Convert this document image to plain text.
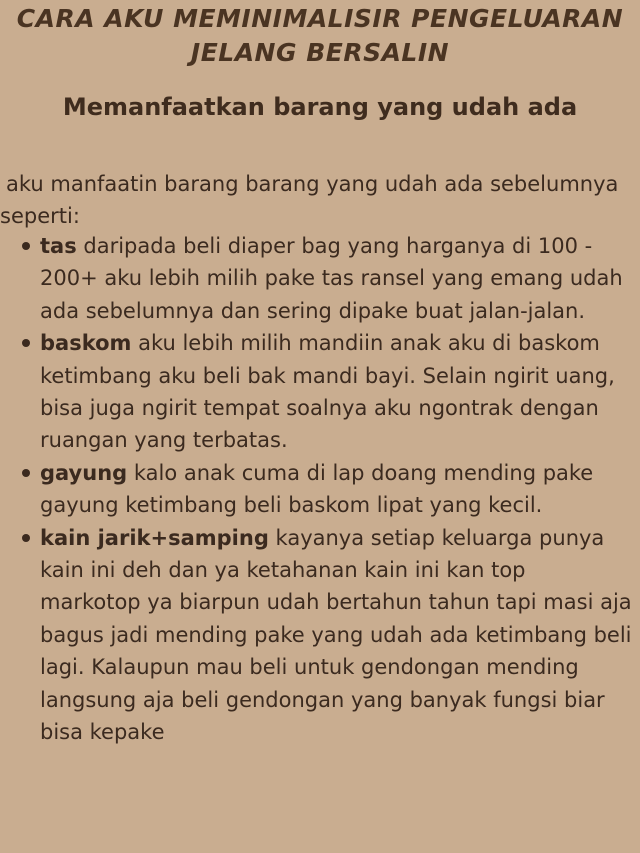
CARA AKU MEMINIMALISIR PENGELUARAN
JELANG BERSALIN
Memanfaatkan barang yang udah ada

aku manfaatin barang barang yang udah ada sebelumnya seperti:

tas daripada beli diaper bag yang harganya di 100 - 200+ aku lebih milih pake tas ransel yang emang udah ada sebelumnya dan sering dipake buat jalan-jalan.
baskom aku lebih milih mandiin anak aku di baskom ketimbang aku beli bak mandi bayi. Selain ngirit uang, bisa juga ngirit tempat soalnya aku ngontrak dengan ruangan yang terbatas.
gayung kalo anak cuma di lap doang mending pake gayung ketimbang beli baskom lipat yang kecil.
kain jarik+samping kayanya setiap keluarga punya kain ini deh dan ya ketahanan kain ini kan top markotop ya biarpun udah bertahun tahun tapi masi aja bagus jadi mending pake yang udah ada ketimbang beli lagi. Kalaupun mau beli untuk gendongan mending langsung aja beli gendongan yang banyak fungsi biar bisa kepake
